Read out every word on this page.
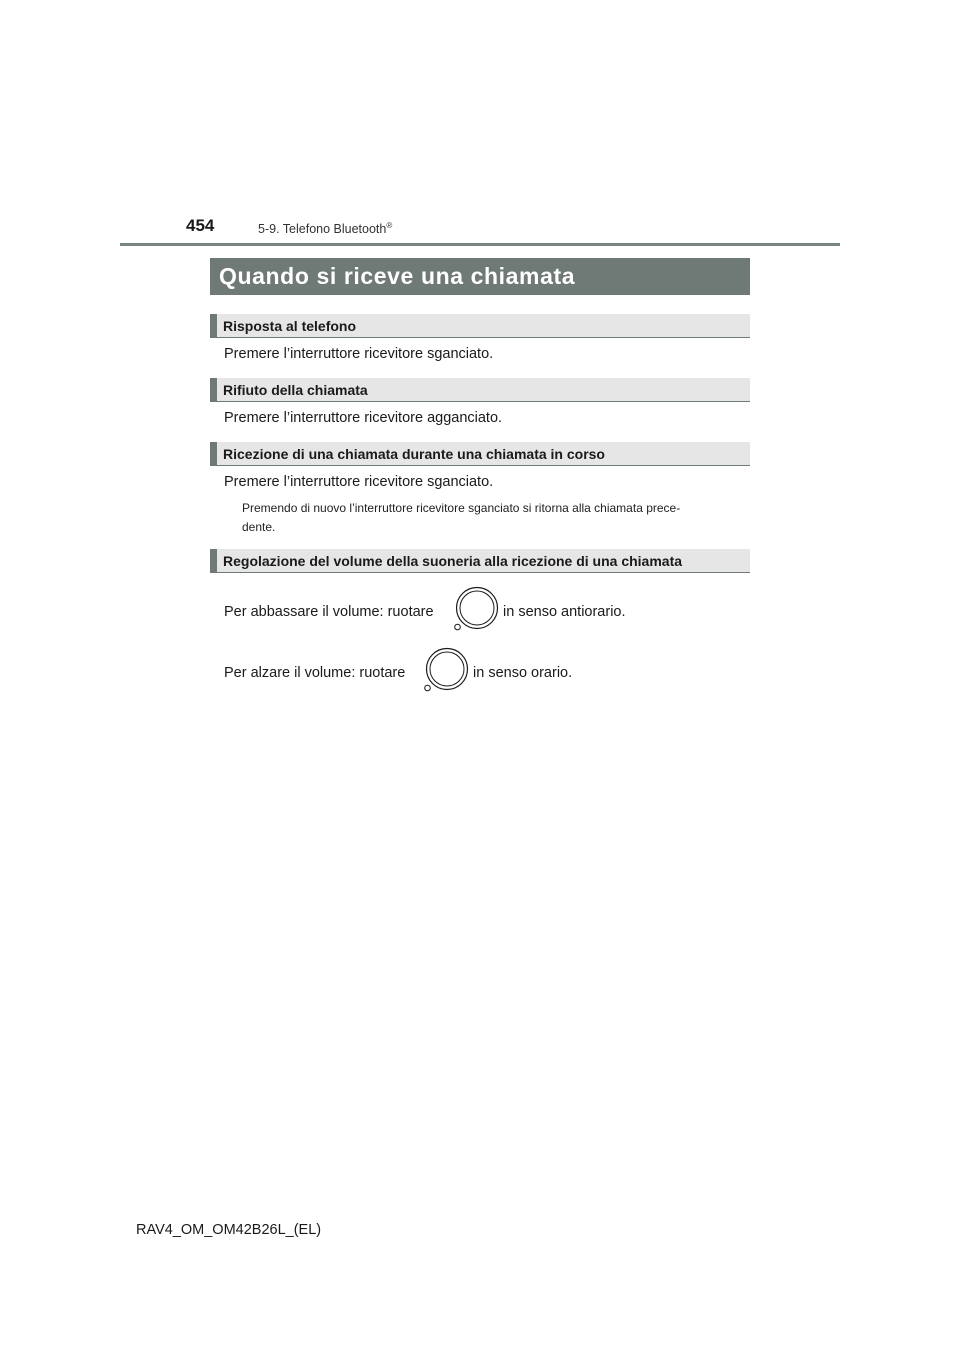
454	5-9. Telefono Bluetooth®
Quando si riceve una chiamata
Risposta al telefono
Premere l’interruttore ricevitore sganciato.
Rifiuto della chiamata
Premere l’interruttore ricevitore agganciato.
Ricezione di una chiamata durante una chiamata in corso
Premere l’interruttore ricevitore sganciato.
Premendo di nuovo l’interruttore ricevitore sganciato si ritorna alla chiamata prece-
dente.
Regolazione del volume della suoneria alla ricezione di una chiamata
Per abbassare il volume: ruotare	in senso antiorario.
Per alzare il volume: ruotare	in senso orario.
RAV4_OM_OM42B26L_(EL)
